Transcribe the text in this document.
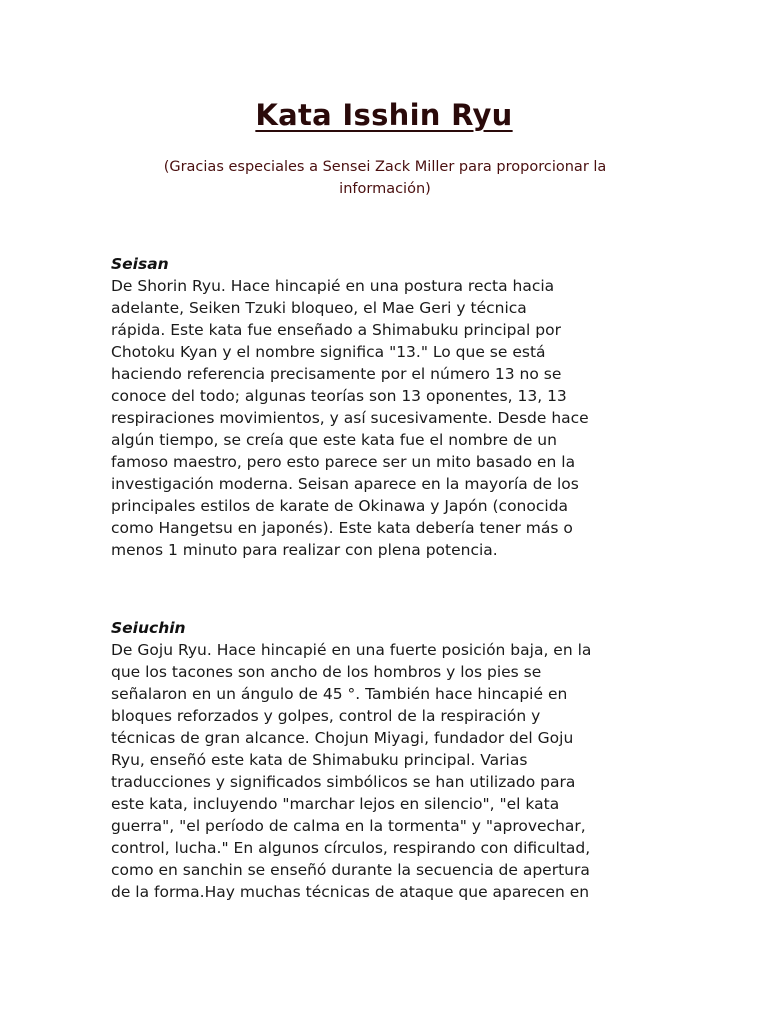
Kata Isshin Ryu

(Gracias especiales a Sensei Zack Miller para proporcionar la
información)

Seisan

De Shorin Ryu. Hace hincapié en una postura recta hacia
adelante, Seiken Tzuki bloqueo, el Mae Geri y técnica
rápida. Este kata fue enseñado a Shimabuku principal por
Chotoku Kyan y el nombre significa "13." Lo que se está
haciendo referencia precisamente por el número 13 no se
conoce del todo; algunas teorías son 13 oponentes, 13, 13
respiraciones movimientos, y así sucesivamente. Desde hace
algún tiempo, se creía que este kata fue el nombre de un
famoso maestro, pero esto parece ser un mito basado en la
investigación moderna. Seisan aparece en la mayoría de los
principales estilos de karate de Okinawa y Japón (conocida
como Hangetsu en japonés). Este kata debería tener más o
menos 1 minuto para realizar con plena potencia.

Seiuchin

De Goju Ryu. Hace hincapié en una fuerte posición baja, en la
que los tacones son ancho de los hombros y los pies se
señalaron en un ángulo de 45 °. También hace hincapié en
bloques reforzados y golpes, control de la respiración y
técnicas de gran alcance. Chojun Miyagi, fundador del Goju
Ryu, enseñó este kata de Shimabuku principal. Varias
traducciones y significados simbólicos se han utilizado para
este kata, incluyendo "marchar lejos en silencio", "el kata
guerra", "el período de calma en la tormenta" y "aprovechar,
control, lucha." En algunos círculos, respirando con dificultad,
como en sanchin se enseñó durante la secuencia de apertura
de la forma.Hay muchas técnicas de ataque que aparecen en
